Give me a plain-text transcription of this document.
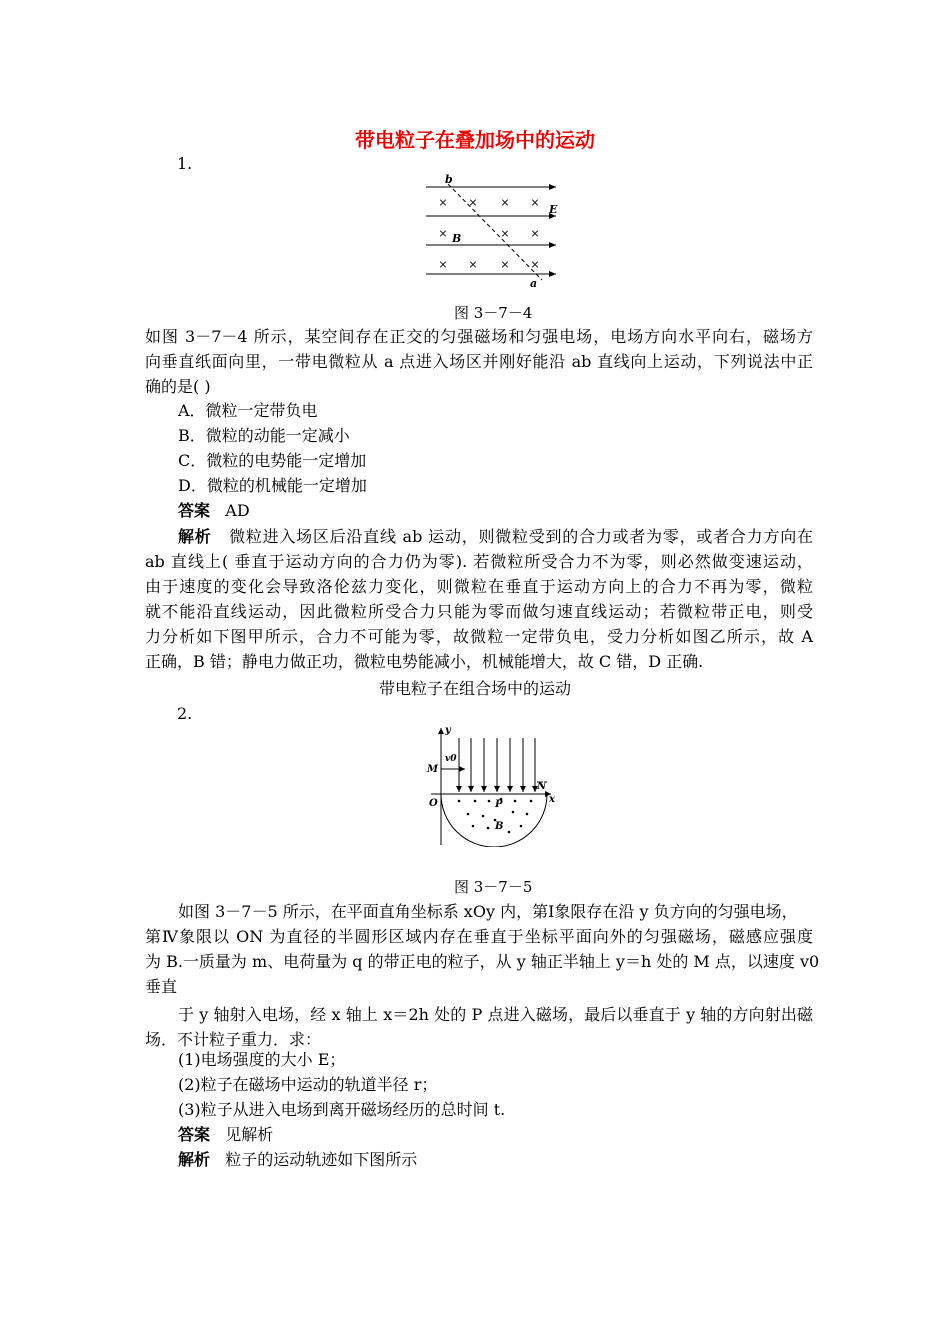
带电粒子在叠加场中的运动
1.
× × × ×
×	× ×
× × × ×
b
E
B
a
图 3－7－4
如图 3－7－4 所示，某空间存在正交的匀强磁场和匀强电场，电场方向水平向右，磁场方
向垂直纸面向里，一带电微粒从 a 点进入场区并刚好能沿 ab 直线向上运动，下列说法中正
确的是( )
A．微粒一定带负电
B．微粒的动能一定减小
C．微粒的电势能一定增加
D．微粒的机械能一定增加
答案 AD
解析 微粒进入场区后沿直线 ab 运动，则微粒受到的合力或者为零，或者合力方向在
ab 直线上( 垂直于运动方向的合力仍为零). 若微粒所受合力不为零，则必然做变速运动，
由于速度的变化会导致洛伦兹力变化，则微粒在垂直于运动方向上的合力不再为零，微粒
就不能沿直线运动，因此微粒所受合力只能为零而做匀速直线运动；若微粒带正电，则受
力分析如下图甲所示，合力不可能为零，故微粒一定带负电，受力分析如图乙所示，故 A
正确，B 错；静电力做正功，微粒电势能减小，机械能增大，故 C 错，D 正确.
带电粒子在组合场中的运动
2.
y
v0
M
N
O	x
P
B
图 3－7－5
如图 3－7－5 所示，在平面直角坐标系 xOy 内，第Ⅰ象限存在沿 y 负方向的匀强电场，
第Ⅳ象限以 ON 为直径的半圆形区域内存在垂直于坐标平面向外的匀强磁场，磁感应强度
为 B.一质量为 m、电荷量为 q 的带正电的粒子，从 y 轴正半轴上 y＝h 处的 M 点，以速度 v0
垂直
于 y 轴射入电场，经 x 轴上 x＝2h 处的 P 点进入磁场，最后以垂直于 y 轴的方向射出磁
场．不计粒子重力．求：
(1)电场强度的大小 E；
(2)粒子在磁场中运动的轨道半径 r；
(3)粒子从进入电场到离开磁场经历的总时间 t.
答案 见解析
解析 粒子的运动轨迹如下图所示
